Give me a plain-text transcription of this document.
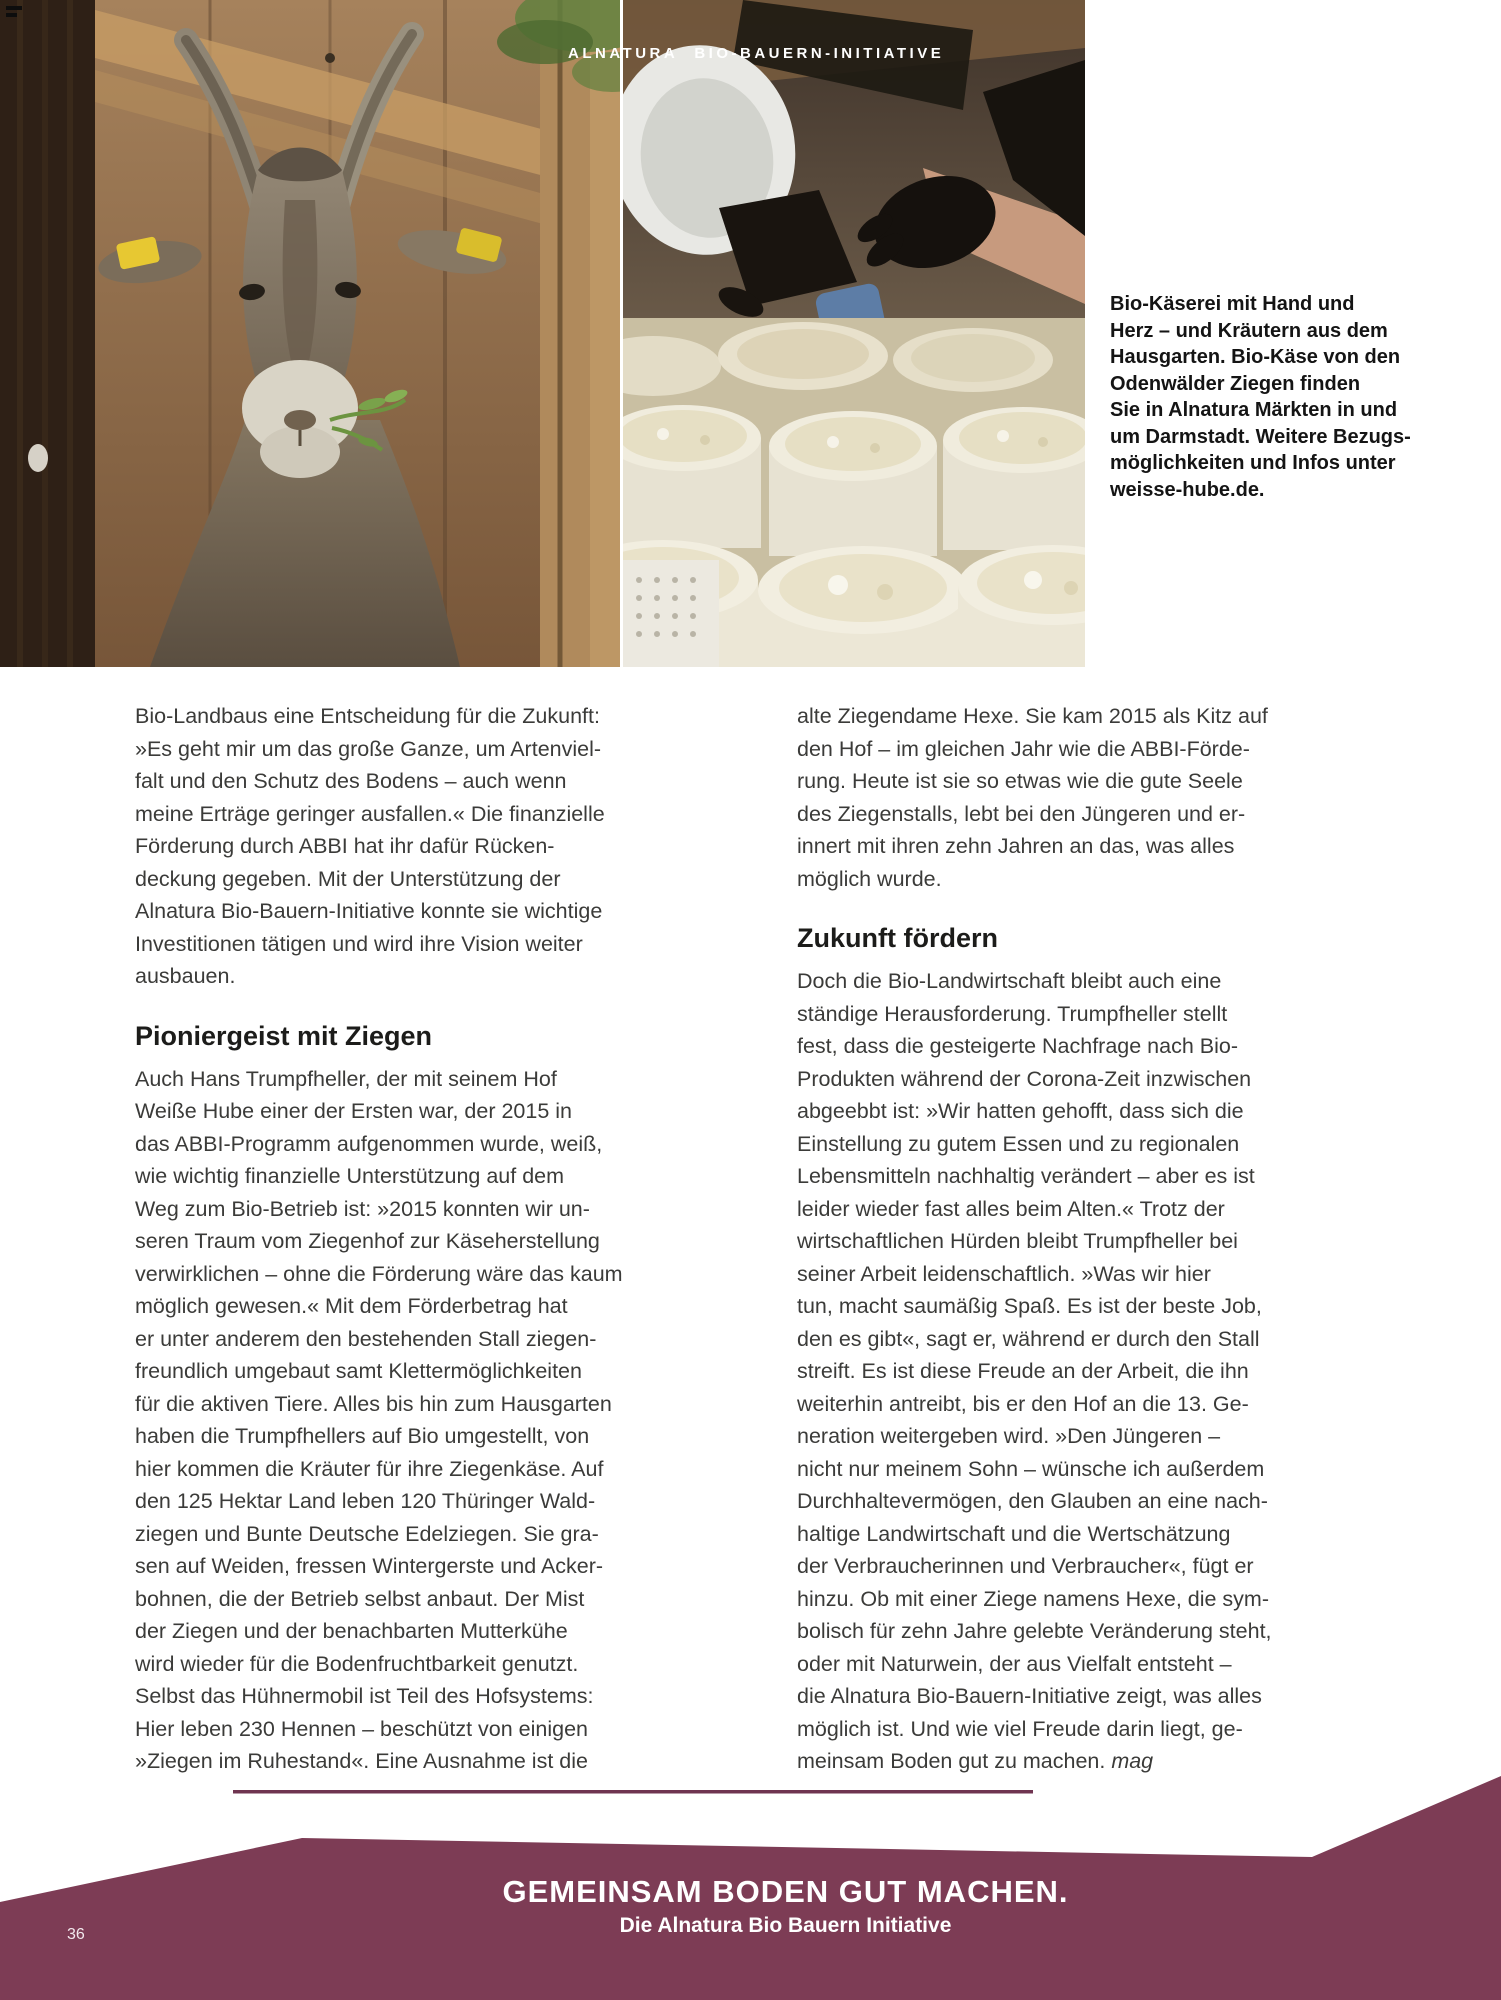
ALNATURA BIO-BAUERN-INITIATIVE
Bio-Käserei mit Hand und
Herz – und Kräutern aus dem
Hausgarten. Bio-Käse von den
Odenwälder Ziegen finden
Sie in Alnatura Märkten in und
um Darmstadt. Weitere Bezugs-
möglichkeiten und Infos unter
weisse-hube.de.

Bio-Landbaus eine Entscheidung für die Zukunft:
»Es geht mir um das große Ganze, um Artenviel-
falt und den Schutz des Bodens – auch wenn
meine Erträge geringer ausfallen.« Die finanzielle
Förderung durch ABBI hat ihr dafür Rücken-
deckung gegeben. Mit der Unterstützung der
Alnatura Bio-Bauern-Initiative konnte sie wichtige
Investitionen tätigen und wird ihre Vision weiter
ausbauen.

Pioniergeist mit Ziegen

Auch Hans Trumpfheller, der mit seinem Hof
Weiße Hube einer der Ersten war, der 2015 in
das ABBI-Programm aufgenommen wurde, weiß,
wie wichtig finanzielle Unterstützung auf dem
Weg zum Bio-Betrieb ist: »2015 konnten wir un-
seren Traum vom Ziegenhof zur Käseherstellung
verwirklichen – ohne die Förderung wäre das kaum
möglich gewesen.« Mit dem Förderbetrag hat
er unter anderem den bestehenden Stall ziegen-
freundlich umgebaut samt Klettermöglichkeiten
für die aktiven Tiere. Alles bis hin zum Hausgarten
haben die Trumpfhellers auf Bio umgestellt, von
hier kommen die Kräuter für ihre Ziegenkäse. Auf
den 125 Hektar Land leben 120 Thüringer Wald-
ziegen und Bunte Deutsche Edelziegen. Sie gra-
sen auf Weiden, fressen Wintergerste und Acker-
bohnen, die der Betrieb selbst anbaut. Der Mist
der Ziegen und der benachbarten Mutterkühe
wird wieder für die Bodenfruchtbarkeit genutzt.
Selbst das Hühnermobil ist Teil des Hofsystems:
Hier leben 230 Hennen – beschützt von einigen
»Ziegen im Ruhestand«. Eine Ausnahme ist die

alte Ziegendame Hexe. Sie kam 2015 als Kitz auf
den Hof – im gleichen Jahr wie die ABBI-Förde-
rung. Heute ist sie so etwas wie die gute Seele
des Ziegenstalls, lebt bei den Jüngeren und er-
innert mit ihren zehn Jahren an das, was alles
möglich wurde.

Zukunft fördern

Doch die Bio-Landwirtschaft bleibt auch eine
ständige Herausforderung. Trumpfheller stellt
fest, dass die gesteigerte Nachfrage nach Bio-
Produkten während der Corona-Zeit inzwischen
abgeebbt ist: »Wir hatten gehofft, dass sich die
Einstellung zu gutem Essen und zu regionalen
Lebensmitteln nachhaltig verändert – aber es ist
leider wieder fast alles beim Alten.« Trotz der
wirtschaftlichen Hürden bleibt Trumpfheller bei
seiner Arbeit leidenschaftlich. »Was wir hier
tun, macht saumäßig Spaß. Es ist der beste Job,
den es gibt«, sagt er, während er durch den Stall
streift. Es ist diese Freude an der Arbeit, die ihn
weiterhin antreibt, bis er den Hof an die 13. Ge-
neration weitergeben wird. »Den Jüngeren –
nicht nur meinem Sohn – wünsche ich außerdem
Durchhaltevermögen, den Glauben an eine nach-
haltige Landwirtschaft und die Wertschätzung
der Verbraucherinnen und Verbraucher«, fügt er
hinzu. Ob mit einer Ziege namens Hexe, die sym-
bolisch für zehn Jahre gelebte Veränderung steht,
oder mit Naturwein, der aus Vielfalt entsteht –
die Alnatura Bio-Bauern-Initiative zeigt, was alles
möglich ist. Und wie viel Freude darin liegt, ge-
meinsam Boden gut zu machen. mag

GEMEINSAM BODEN GUT MACHEN.
Die Alnatura Bio Bauern Initiative
36
